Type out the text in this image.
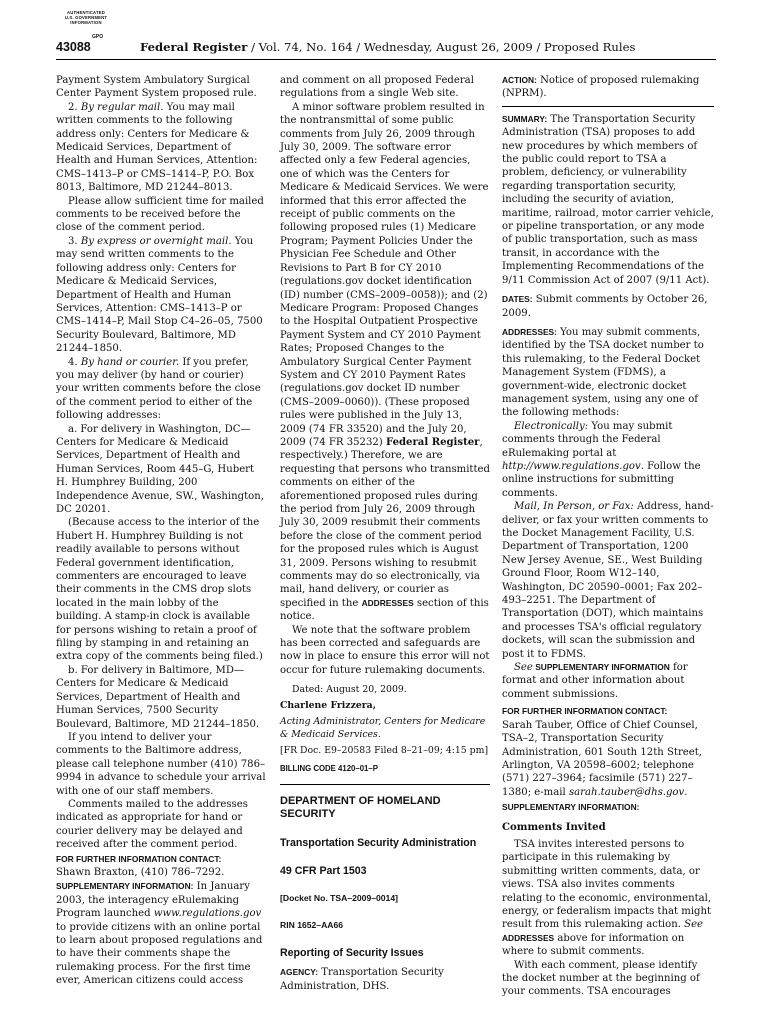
AUTHENTICATED
U.S. GOVERNMENT
INFORMATION
GPO
43088	Federal Register / Vol. 74, No. 164 / Wednesday, August 26, 2009 / Proposed Rules

Payment System Ambulatory Surgical Center Payment System proposed rule.

2. By regular mail. You may mail written comments to the following address only: Centers for Medicare & Medicaid Services, Department of Health and Human Services, Attention: CMS–1413–P or CMS–1414–P, P.O. Box 8013, Baltimore, MD 21244–8013.

Please allow sufficient time for mailed comments to be received before the close of the comment period.

3. By express or overnight mail. You may send written comments to the following address only: Centers for Medicare & Medicaid Services, Department of Health and Human Services, Attention: CMS–1413–P or CMS–1414–P, Mail Stop C4–26–05, 7500 Security Boulevard, Baltimore, MD 21244–1850.

4. By hand or courier. If you prefer, you may deliver (by hand or courier) your written comments before the close of the comment period to either of the following addresses:

a. For delivery in Washington, DC—Centers for Medicare & Medicaid Services, Department of Health and Human Services, Room 445–G, Hubert H. Humphrey Building, 200 Independence Avenue, SW., Washington, DC 20201.

(Because access to the interior of the Hubert H. Humphrey Building is not readily available to persons without Federal government identification, commenters are encouraged to leave their comments in the CMS drop slots located in the main lobby of the building. A stamp-in clock is available for persons wishing to retain a proof of filing by stamping in and retaining an extra copy of the comments being filed.)

b. For delivery in Baltimore, MD—Centers for Medicare & Medicaid Services, Department of Health and Human Services, 7500 Security Boulevard, Baltimore, MD 21244–1850.

If you intend to deliver your comments to the Baltimore address, please call telephone number (410) 786–9994 in advance to schedule your arrival with one of our staff members.

Comments mailed to the addresses indicated as appropriate for hand or courier delivery may be delayed and received after the comment period.

FOR FURTHER INFORMATION CONTACT:
Shawn Braxton, (410) 786–7292.

SUPPLEMENTARY INFORMATION: In January 2003, the interagency eRulemaking Program launched www.regulations.gov to provide citizens with an online portal to learn about proposed regulations and to have their comments shape the rulemaking process. For the first time ever, American citizens could access

and comment on all proposed Federal regulations from a single Web site.

A minor software problem resulted in the nontransmittal of some public comments from July 26, 2009 through July 30, 2009. The software error affected only a few Federal agencies, one of which was the Centers for Medicare & Medicaid Services. We were informed that this error affected the receipt of public comments on the following proposed rules (1) Medicare Program; Payment Policies Under the Physician Fee Schedule and Other Revisions to Part B for CY 2010 (regulations.gov docket identification (ID) number (CMS–2009–0058)); and (2) Medicare Program: Proposed Changes to the Hospital Outpatient Prospective Payment System and CY 2010 Payment Rates; Proposed Changes to the Ambulatory Surgical Center Payment System and CY 2010 Payment Rates (regulations.gov docket ID number (CMS–2009–0060)). (These proposed rules were published in the July 13, 2009 (74 FR 33520) and the July 20, 2009 (74 FR 35232) Federal Register, respectively.) Therefore, we are requesting that persons who transmitted comments on either of the aforementioned proposed rules during the period from July 26, 2009 through July 30, 2009 resubmit their comments before the close of the comment period for the proposed rules which is August 31, 2009. Persons wishing to resubmit comments may do so electronically, via mail, hand delivery, or courier as specified in the ADDRESSES section of this notice.

We note that the software problem has been corrected and safeguards are now in place to ensure this error will not occur for future rulemaking documents.

Dated: August 20, 2009.

Charlene Frizzera,

Acting Administrator, Centers for Medicare & Medicaid Services.

[FR Doc. E9–20583 Filed 8–21–09; 4:15 pm]

BILLING CODE 4120–01–P

DEPARTMENT OF HOMELAND SECURITY

Transportation Security Administration

49 CFR Part 1503

[Docket No. TSA–2009–0014]

RIN 1652–AA66

Reporting of Security Issues

AGENCY: Transportation Security Administration, DHS.

ACTION: Notice of proposed rulemaking (NPRM).

SUMMARY: The Transportation Security Administration (TSA) proposes to add new procedures by which members of the public could report to TSA a problem, deficiency, or vulnerability regarding transportation security, including the security of aviation, maritime, railroad, motor carrier vehicle, or pipeline transportation, or any mode of public transportation, such as mass transit, in accordance with the Implementing Recommendations of the 9/11 Commission Act of 2007 (9/11 Act).

DATES: Submit comments by October 26, 2009.

ADDRESSES: You may submit comments, identified by the TSA docket number to this rulemaking, to the Federal Docket Management System (FDMS), a government-wide, electronic docket management system, using any one of the following methods:

Electronically: You may submit comments through the Federal eRulemaking portal at http://www.regulations.gov. Follow the online instructions for submitting comments.

Mail, In Person, or Fax: Address, hand-deliver, or fax your written comments to the Docket Management Facility, U.S. Department of Transportation, 1200 New Jersey Avenue, SE., West Building Ground Floor, Room W12–140, Washington, DC 20590–0001; Fax 202–493–2251. The Department of Transportation (DOT), which maintains and processes TSA's official regulatory dockets, will scan the submission and post it to FDMS.

See SUPPLEMENTARY INFORMATION for format and other information about comment submissions.

FOR FURTHER INFORMATION CONTACT:
Sarah Tauber, Office of Chief Counsel, TSA–2, Transportation Security Administration, 601 South 12th Street, Arlington, VA 20598–6002; telephone (571) 227–3964; facsimile (571) 227–1380; e-mail sarah.tauber@dhs.gov.

SUPPLEMENTARY INFORMATION:

Comments Invited

TSA invites interested persons to participate in this rulemaking by submitting written comments, data, or views. TSA also invites comments relating to the economic, environmental, energy, or federalism impacts that might result from this rulemaking action. See ADDRESSES above for information on where to submit comments.

With each comment, please identify the docket number at the beginning of your comments. TSA encourages
